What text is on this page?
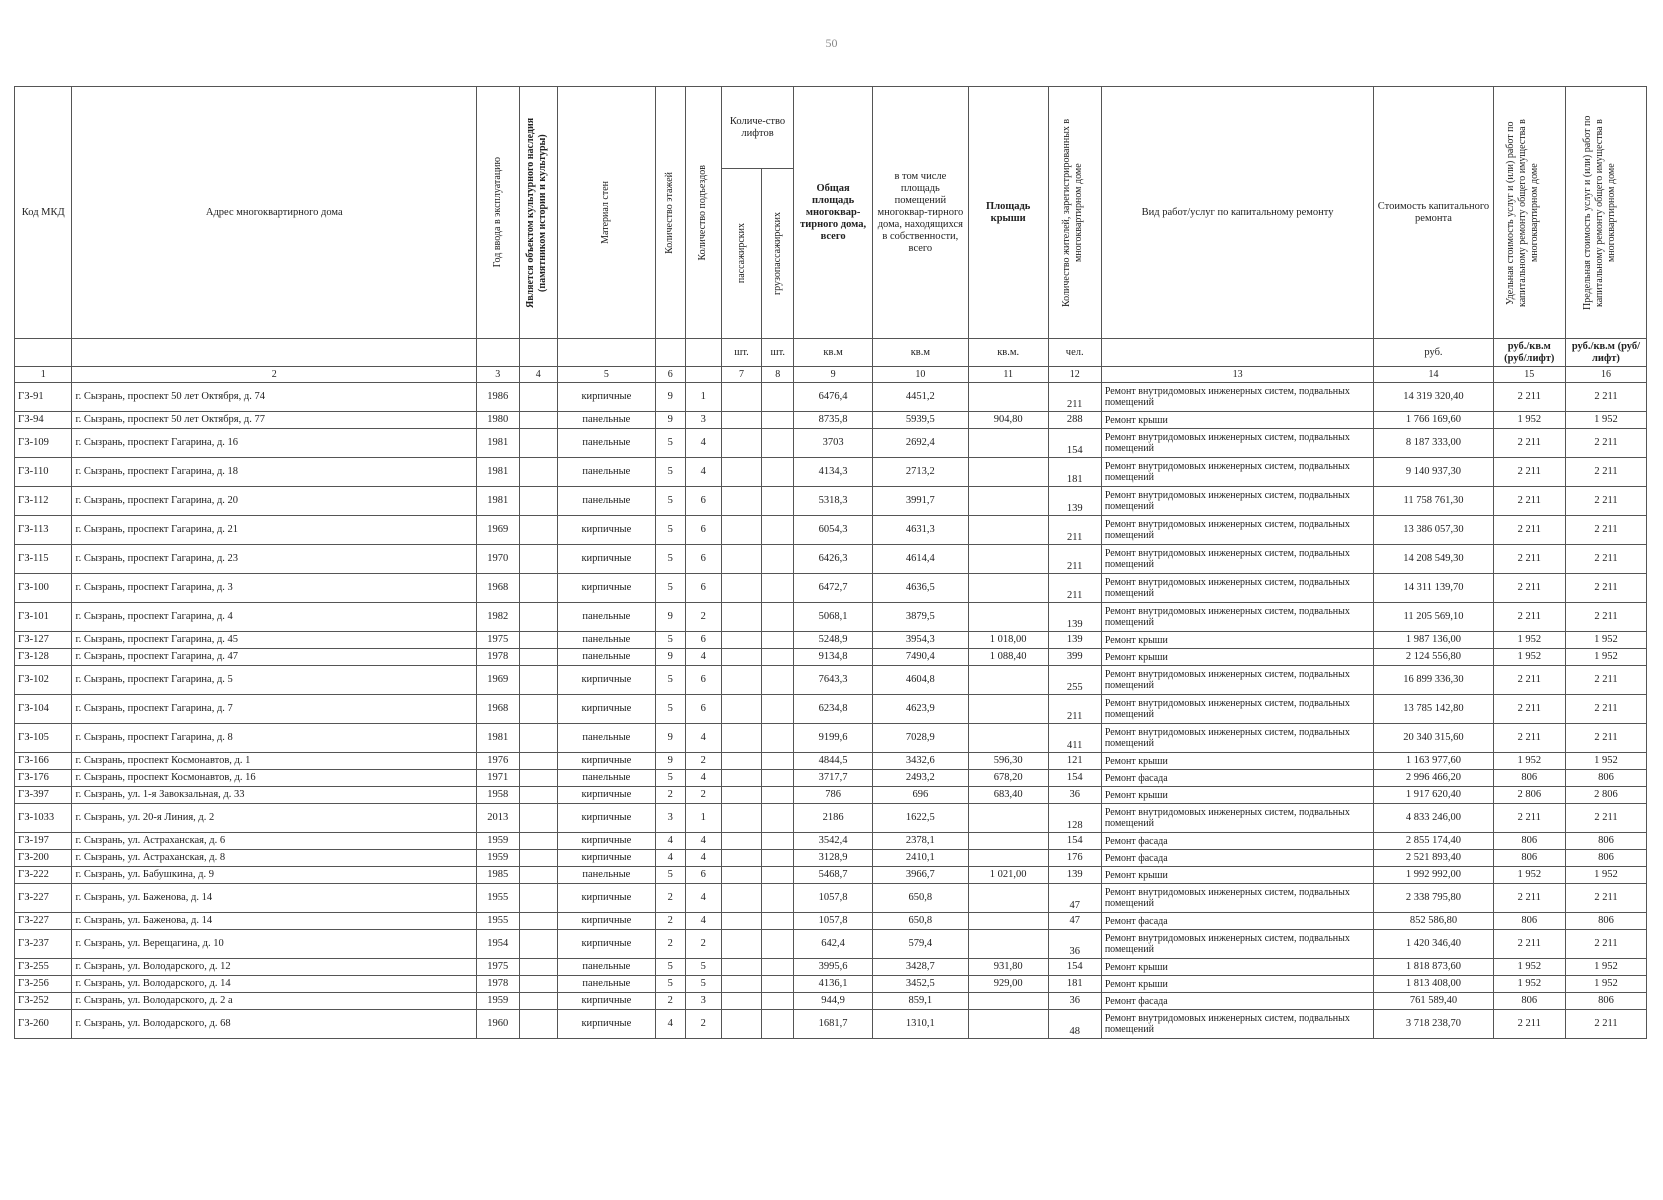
50
Код МКД	Адрес многоквартирного дома	Год ввода в эксплуатацию	Является объектом культурного наследия (памятником истории и культуры)	Материал стен	Количество этажей	Количество подъездов	Количе-ство лифтов		Общая площадь многоквар-тирного дома, всего	в том числе площадь помещений многоквар-тирного дома, находящихся в собственности, всего	Площадь крыши	Количество жителей, зарегистрированных в многоквартирном доме	Вид работ/услуг по капитальному ремонту	Стоимость капитального ремонта	Удельная стоимость услуг и (или) работ по капитальному ремонту общего имущества в многоквартирном доме	Предельная стоимость услуг и (или) работ по капитальному ремонту общего имущества в многоквартирном доме

							пассажирских	грузопассажирских								

							шт.	шт.	кв.м	кв.м	кв.м.	чел.		руб.	руб./кв.м (руб/лифт)	руб./кв.м (руб/лифт)
1	2	3	4	5	6		7	8	9	10	11	12	13	14	15	16
ГЗ-91	г. Сызрань, проспект 50 лет Октября, д. 74	1986		кирпичные	9	1			6476,4	4451,2		211	Ремонт внутридомовых инженерных систем, подвальных помещений	14 319 320,40	2 211	2 211
ГЗ-94	г. Сызрань, проспект 50 лет Октября, д. 77	1980		панельные	9	3			8735,8	5939,5	904,80	288	Ремонт крыши	1 766 169,60	1 952	1 952
ГЗ-109	г. Сызрань, проспект Гагарина, д. 16	1981		панельные	5	4			3703	2692,4		154	Ремонт внутридомовых инженерных систем, подвальных помещений	8 187 333,00	2 211	2 211
ГЗ-110	г. Сызрань, проспект Гагарина, д. 18	1981		панельные	5	4			4134,3	2713,2		181	Ремонт внутридомовых инженерных систем, подвальных помещений	9 140 937,30	2 211	2 211
ГЗ-112	г. Сызрань, проспект Гагарина, д. 20	1981		панельные	5	6			5318,3	3991,7		139	Ремонт внутридомовых инженерных систем, подвальных помещений	11 758 761,30	2 211	2 211
ГЗ-113	г. Сызрань, проспект Гагарина, д. 21	1969		кирпичные	5	6			6054,3	4631,3		211	Ремонт внутридомовых инженерных систем, подвальных помещений	13 386 057,30	2 211	2 211
ГЗ-115	г. Сызрань, проспект Гагарина, д. 23	1970		кирпичные	5	6			6426,3	4614,4		211	Ремонт внутридомовых инженерных систем, подвальных помещений	14 208 549,30	2 211	2 211
ГЗ-100	г. Сызрань, проспект Гагарина, д. 3	1968		кирпичные	5	6			6472,7	4636,5		211	Ремонт внутридомовых инженерных систем, подвальных помещений	14 311 139,70	2 211	2 211
ГЗ-101	г. Сызрань, проспект Гагарина, д. 4	1982		панельные	9	2			5068,1	3879,5		139	Ремонт внутридомовых инженерных систем, подвальных помещений	11 205 569,10	2 211	2 211
ГЗ-127	г. Сызрань, проспект Гагарина, д. 45	1975		панельные	5	6			5248,9	3954,3	1 018,00	139	Ремонт крыши	1 987 136,00	1 952	1 952
ГЗ-128	г. Сызрань, проспект Гагарина, д. 47	1978		панельные	9	4			9134,8	7490,4	1 088,40	399	Ремонт крыши	2 124 556,80	1 952	1 952
ГЗ-102	г. Сызрань, проспект Гагарина, д. 5	1969		кирпичные	5	6			7643,3	4604,8		255	Ремонт внутридомовых инженерных систем, подвальных помещений	16 899 336,30	2 211	2 211
ГЗ-104	г. Сызрань, проспект Гагарина, д. 7	1968		кирпичные	5	6			6234,8	4623,9		211	Ремонт внутридомовых инженерных систем, подвальных помещений	13 785 142,80	2 211	2 211
ГЗ-105	г. Сызрань, проспект Гагарина, д. 8	1981		панельные	9	4			9199,6	7028,9		411	Ремонт внутридомовых инженерных систем, подвальных помещений	20 340 315,60	2 211	2 211
ГЗ-166	г. Сызрань, проспект Космонавтов, д. 1	1976		кирпичные	9	2			4844,5	3432,6	596,30	121	Ремонт крыши	1 163 977,60	1 952	1 952
ГЗ-176	г. Сызрань, проспект Космонавтов, д. 16	1971		панельные	5	4			3717,7	2493,2	678,20	154	Ремонт фасада	2 996 466,20	806	806
ГЗ-397	г. Сызрань, ул. 1-я Завокзальная, д. 33	1958		кирпичные	2	2			786	696	683,40	36	Ремонт крыши	1 917 620,40	2 806	2 806
ГЗ-1033	г. Сызрань, ул. 20-я Линия, д. 2	2013		кирпичные	3	1			2186	1622,5		128	Ремонт внутридомовых инженерных систем, подвальных помещений	4 833 246,00	2 211	2 211
ГЗ-197	г. Сызрань, ул. Астраханская, д. 6	1959		кирпичные	4	4			3542,4	2378,1		154	Ремонт фасада	2 855 174,40	806	806
ГЗ-200	г. Сызрань, ул. Астраханская, д. 8	1959		кирпичные	4	4			3128,9	2410,1		176	Ремонт фасада	2 521 893,40	806	806
ГЗ-222	г. Сызрань, ул. Бабушкина, д. 9	1985		панельные	5	6			5468,7	3966,7	1 021,00	139	Ремонт крыши	1 992 992,00	1 952	1 952
ГЗ-227	г. Сызрань, ул. Баженова, д. 14	1955		кирпичные	2	4			1057,8	650,8		47	Ремонт внутридомовых инженерных систем, подвальных помещений	2 338 795,80	2 211	2 211
ГЗ-227	г. Сызрань, ул. Баженова, д. 14	1955		кирпичные	2	4			1057,8	650,8		47	Ремонт фасада	852 586,80	806	806
ГЗ-237	г. Сызрань, ул. Верещагина, д. 10	1954		кирпичные	2	2			642,4	579,4		36	Ремонт внутридомовых инженерных систем, подвальных помещений	1 420 346,40	2 211	2 211
ГЗ-255	г. Сызрань, ул. Володарского, д. 12	1975		панельные	5	5			3995,6	3428,7	931,80	154	Ремонт крыши	1 818 873,60	1 952	1 952
ГЗ-256	г. Сызрань, ул. Володарского, д. 14	1978		панельные	5	5			4136,1	3452,5	929,00	181	Ремонт крыши	1 813 408,00	1 952	1 952
ГЗ-252	г. Сызрань, ул. Володарского, д. 2 а	1959		кирпичные	2	3			944,9	859,1		36	Ремонт фасада	761 589,40	806	806
ГЗ-260	г. Сызрань, ул. Володарского, д. 68	1960		кирпичные	4	2			1681,7	1310,1		48	Ремонт внутридомовых инженерных систем, подвальных помещений	3 718 238,70	2 211	2 211
